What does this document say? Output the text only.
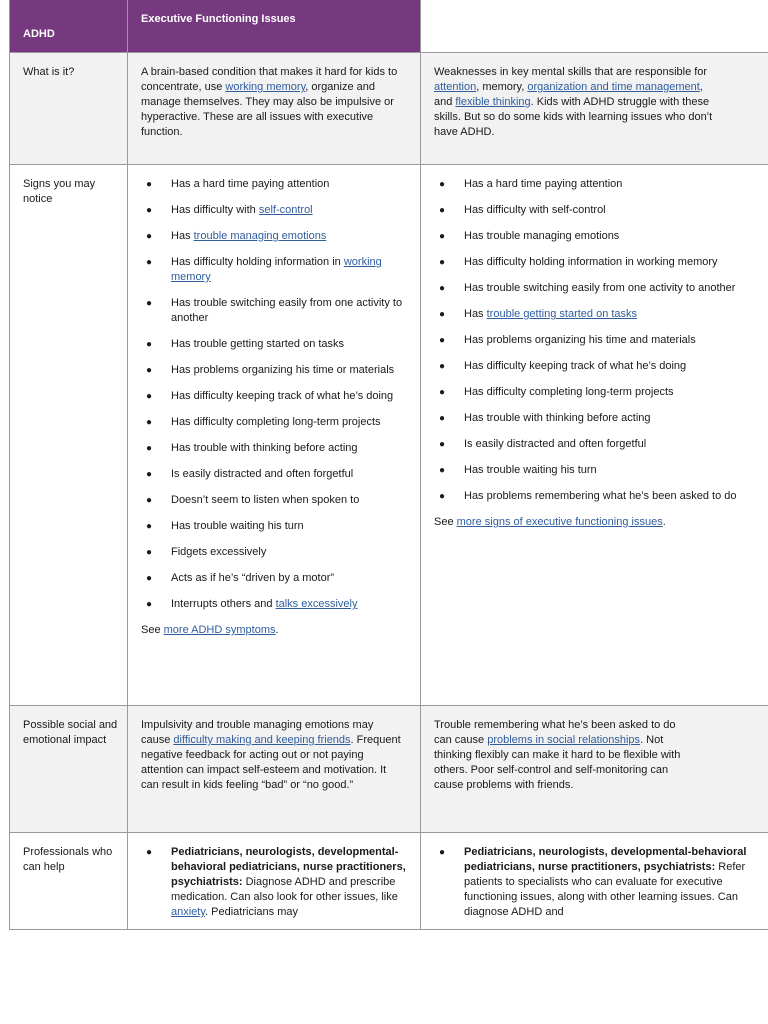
ADHD
Executive Functioning Issues
What is it?	A brain-based condition that makes it hard for kids to concentrate, use working memory, organize and manage themselves. They may also be impulsive or hyperactive. These are all issues with executive function.

Weaknesses in key mental skills that are responsible for attention, memory, organization and time management, and flexible thinking. Kids with ADHD struggle with these skills. But so do some kids with learning issues who don’t have ADHD.

Signs you may notice
● Has a hard time paying attention
● Has difficulty with self-control
● Has trouble managing emotions
● Has difficulty holding information in working memory
● Has trouble switching easily from one activity to another
● Has trouble getting started on tasks
● Has problems organizing his time or materials
● Has difficulty keeping track of what he’s doing
● Has difficulty completing long-term projects
● Has trouble with thinking before acting
● Is easily distracted and often forgetful
● Doesn’t seem to listen when spoken to
● Has trouble waiting his turn
● Fidgets excessively
● Acts as if he’s “driven by a motor”
● Interrupts others and talks excessively

See more ADHD symptoms.

● Has a hard time paying attention
● Has difficulty with self-control
● Has trouble managing emotions
● Has difficulty holding information in working memory
● Has trouble switching easily from one activity to another
● Has trouble getting started on tasks
● Has problems organizing his time and materials
● Has difficulty keeping track of what he’s doing
● Has difficulty completing long-term projects
● Has trouble with thinking before acting
● Is easily distracted and often forgetful
● Has trouble waiting his turn
● Has problems remembering what he’s been asked to do

See more signs of executive functioning issues.

Possible social and emotional impact

Impulsivity and trouble managing emotions may cause difficulty making and keeping friends. Frequent negative feedback for acting out or not paying attention can impact self-esteem and motivation. It can result in kids feeling “bad” or “no good.”

Trouble remembering what he’s been asked to do can cause problems in social relationships. Not thinking flexibly can make it hard to be flexible with others. Poor self-control and self-monitoring can cause problems with friends.

Professionals who can help
● Pediatricians, neurologists, developmental-behavioral pediatricians, nurse practitioners, psychiatrists: Diagnose ADHD and prescribe medication. Can also look for other issues, like anxiety. Pediatricians may
● Pediatricians, neurologists, developmental-behavioral pediatricians, nurse practitioners, psychiatrists: Refer patients to specialists who can evaluate for executive functioning issues, along with other learning issues. Can diagnose ADHD and
